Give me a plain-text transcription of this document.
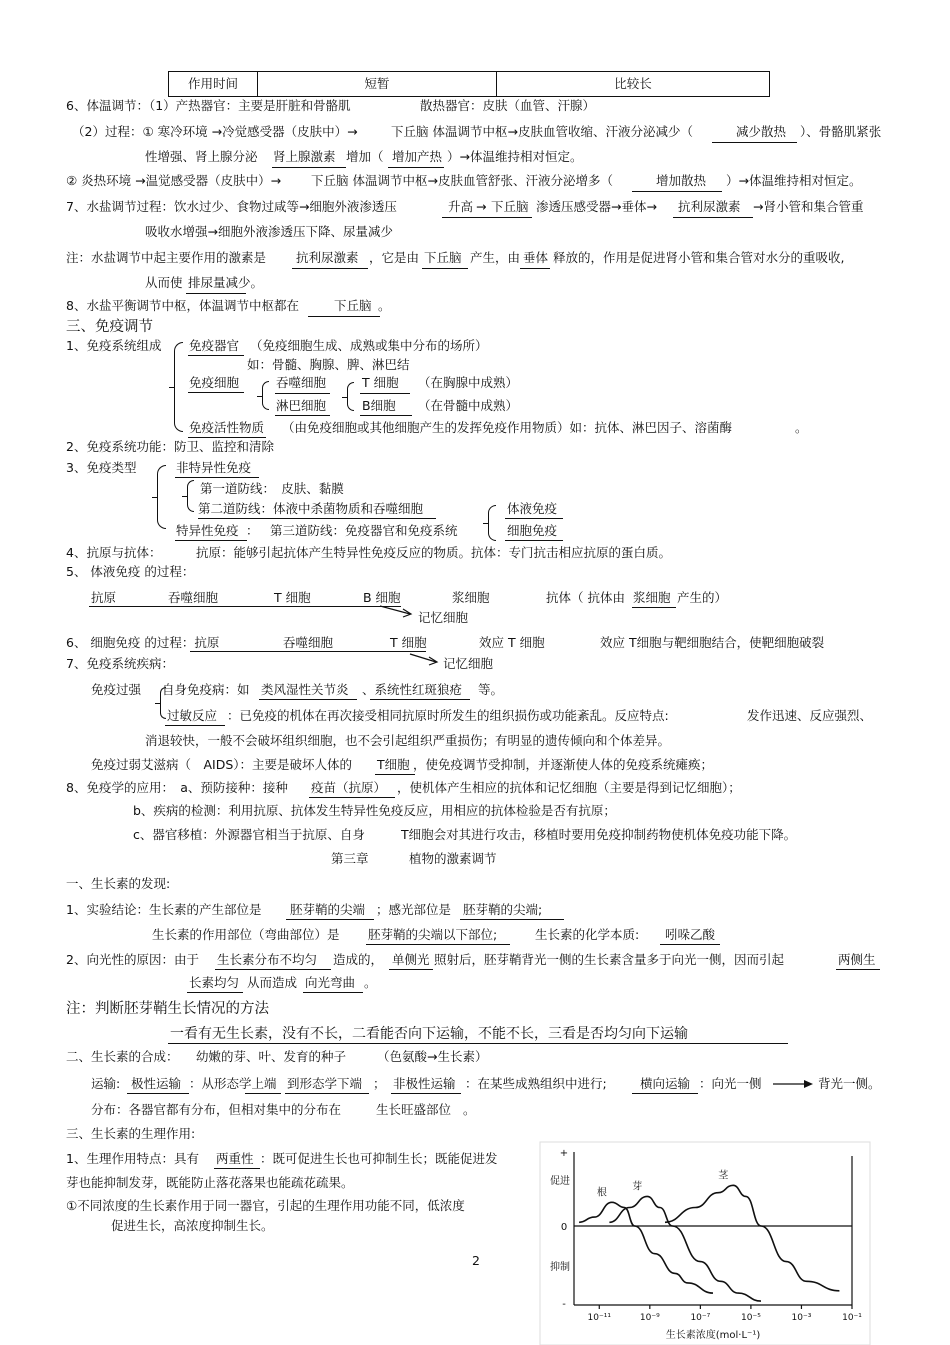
作用时间	短暂	比较长
6、体温调节：（1）产热器官：主要是肝脏和骨骼肌	散热器官：皮肤（血管、汗腺）
（2）过程：① 寒冷环境 →冷觉感受器（皮肤中）→	下丘脑 体温调节中枢→皮肤血管收缩、汗液分泌减少（	减少散热 ）、骨骼肌紧张
性增强、肾上腺分泌 肾上腺激素 增加（ 增加产热 ）→体温维持相对恒定。
② 炎热环境 →温觉感受器（皮肤中）→ 下丘脑 体温调节中枢→皮肤血管舒张、汗液分泌增多（	增加散热 ）→体温维持相对恒定。
7、水盐调节过程：饮水过少、食物过咸等→细胞外液渗透压	升高 → 下丘脑 渗透压感受器→垂体→ 抗利尿激素 →肾小管和集合管重
吸收水增强→细胞外液渗透压下降、尿量减少
注：水盐调节中起主要作用的激素是 抗利尿激素 ，它是由 下丘脑 产生，由 垂体 释放的，作用是促进肾小管和集合管对水分的重吸收,
从而使 排尿量减少。
8、水盐平衡调节中枢，体温调节中枢都在	下丘脑 。
三、免疫调节
1、免疫系统组成 免疫器官 （免疫细胞生成、成熟或集中分布的场所）
如：骨髓、胸腺、脾、淋巴结
免疫细胞	吞噬细胞
淋巴细胞
T 细胞 （在胸腺中成熟）
B细胞 （在骨髓中成熟）
免疫活性物质 （由免疫细胞或其他细胞产生的发挥免疫作用物质）如：抗体、淋巴因子、溶菌酶	。
2、免疫系统功能：防卫、监控和清除
3、免疫类型	非特异性免疫
第一道防线：　皮肤、黏膜
第二道防线：体液中杀菌物质和吞噬细胞
特异性免疫 ： 第三道防线：免疫器官和免疫系统
体液免疫
细胞免疫
4、抗原与抗体：	抗原：能够引起抗体产生特异性免疫反应的物质。抗体：专门抗击相应抗原的蛋白质。
5、 体液免疫 的过程：
抗原	吞噬细胞	T 细胞	B 细胞	浆细胞	抗体（ 抗体由 浆细胞 产生的）
记忆细胞
6、 细胞免疫 的过程：抗原	吞噬细胞	T 细胞	效应 T 细胞	效应 T细胞与靶细胞结合，使靶细胞破裂
记忆细胞
7、免疫系统疾病：
免疫过强 自身免疫病：如 类风湿性关节炎 、系统性红斑狼疮 等。
过敏反应 ：已免疫的机体在再次接受相同抗原时所发生的组织损伤或功能紊乱。反应特点:	发作迅速、反应强烈、
消退较快，一般不会破坏组织细胞，也不会引起组织严重损伤；有明显的遗传倾向和个体差异。
免疫过弱艾滋病（　AIDS）：主要是破坏人体的 T细胞 ，使免疫调节受抑制，并逐渐使人体的免疫系统瘫痪；
8、免疫学的应用：　a、预防接种：接种 疫苗（抗原） ，使机体产生相应的抗体和记忆细胞（主要是得到记忆细胞）；
b、疾病的检测：利用抗原、抗体发生特异性免疫反应，用相应的抗体检验是否有抗原；
c、器官移植：外源器官相当于抗原、自身	T细胞会对其进行攻击，移植时要用免疫抑制药物使机体免疫功能下降。
第三章	植物的激素调节
一、生长素的发现:
1、实验结论：生长素的产生部位是 胚芽鞘的尖端 ；感光部位是 胚芽鞘的尖端;
生长素的作用部位（弯曲部位）是 胚芽鞘的尖端以下部位;	生长素的化学本质: 吲哚乙酸
2、向光性的原因：由于 生长素分布不均匀 造成的， 单侧光 照射后，胚芽鞘背光一侧的生长素含量多于向光一侧，因而引起	两侧生
长素均匀 从而造成 向光弯曲 。
注：判断胚芽鞘生长情况的方法
一看有无生长素，没有不长，二看能否向下运输，不能不长，三看是否均匀向下运输
二、生长素的合成： 幼嫩的芽、叶、发育的种子 （色氨酸→生长素）
运输: 极性运输 ：从形态学上端 到形态学下端 ； 非极性运输 ：在某些成熟组织中进行;	横向运输 ：向光一侧	背光一侧。
分布：各器官都有分布，但相对集中的分布在	生长旺盛部位 。
三、生长素的生理作用:
1、生理作用特点：具有 两重性 ：既可促进生长也可抑制生长；既能促进发
芽也能抑制发芽，既能防止落花落果也能疏花疏果。
①不同浓度的生长素作用于同一器官，引起的生理作用功能不同，低浓度
促进生长，高浓度抑制生长。
2
10⁻¹¹	10⁻⁹	10⁻⁷	10⁻⁵	10⁻³	10⁻¹
+
促进
0
抑制
-
生长素浓度(mol·L⁻¹)
根
芽
茎
